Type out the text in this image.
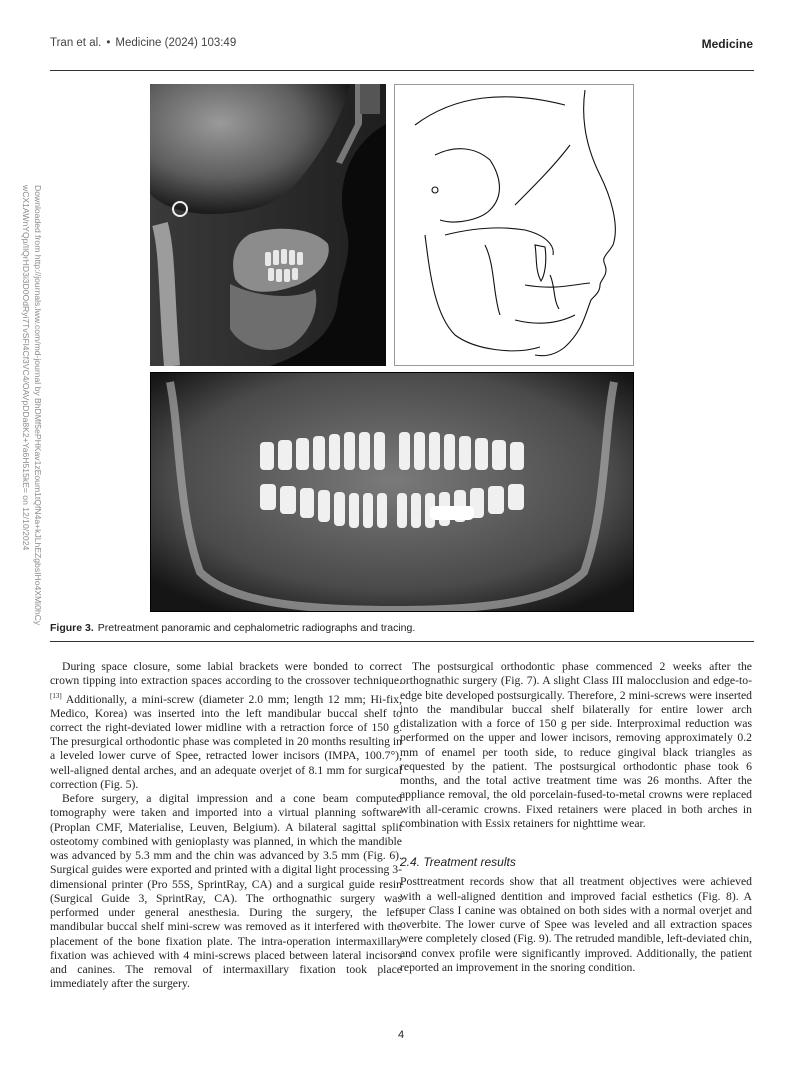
Tran et al. • Medicine (2024) 103:49	Medicine
Downloaded from http://journals.lww.com/md-journal by BhDMf5ePHKav1zEoum1tQfN4a+kJLhEZgbsIHo4XMi0hCy
wCX1AWnYQp/IlQrHD3i3D0OdRyi7TvSFl4Cf3VC4/OAVpDDa8K2+Ya6H515kE= on 12/10/2024
Figure 3. Pretreatment panoramic and cephalometric radiographs and tracing.

During space closure, some labial brackets were bonded to correct crown tipping into extraction spaces according to the crossover technique.[13] Additionally, a mini-screw (diameter 2.0 mm; length 12 mm; Hi-fix, Medico, Korea) was inserted into the left mandibular buccal shelf to correct the right-deviated lower midline with a retraction force of 150 g. The presurgical orthodontic phase was completed in 20 months resulting in a leveled lower curve of Spee, retracted lower incisors (IMPA, 100.7°), well-aligned dental arches, and an adequate overjet of 8.1 mm for surgical correction (Fig. 5).

Before surgery, a digital impression and a cone beam computed tomography were taken and imported into a virtual planning software (Proplan CMF, Materialise, Leuven, Belgium). A bilateral sagittal split osteotomy combined with genioplasty was planned, in which the mandible was advanced by 5.3 mm and the chin was advanced by 3.5 mm (Fig. 6). Surgical guides were exported and printed with a digital light processing 3-dimensional printer (Pro 55S, SprintRay, CA) and a surgical guide resin (Surgical Guide 3, SprintRay, CA). The orthognathic surgery was performed under general anesthesia. During the surgery, the left mandibular buccal shelf mini-screw was removed as it interfered with the placement of the bone fixation plate. The intra-operation intermaxillary fixation was achieved with 4 mini-screws placed between lateral incisors and canines. The removal of intermaxillary fixation took place immediately after the surgery.

The postsurgical orthodontic phase commenced 2 weeks after the orthognathic surgery (Fig. 7). A slight Class III malocclusion and edge-to-edge bite developed postsurgically. Therefore, 2 mini-screws were inserted into the mandibular buccal shelf bilaterally for entire lower arch distalization with a force of 150 g per side. Interproximal reduction was performed on the upper and lower incisors, removing approximately 0.2 mm of enamel per tooth side, to reduce gingival black triangles as requested by the patient. The postsurgical orthodontic phase took 6 months, and the total active treatment time was 26 months. After the appliance removal, the old porcelain-fused-to-metal crowns were replaced with all-ceramic crowns. Fixed retainers were placed in both arches in combination with Essix retainers for nighttime wear.

2.4. Treatment results

Posttreatment records show that all treatment objectives were achieved with a well-aligned dentition and improved facial esthetics (Fig. 8). A super Class I canine was obtained on both sides with a normal overjet and overbite. The lower curve of Spee was leveled and all extraction spaces were completely closed (Fig. 9). The retruded mandible, left-deviated chin, and convex profile were significantly improved. Additionally, the patient reported an improvement in the snoring condition.

4
